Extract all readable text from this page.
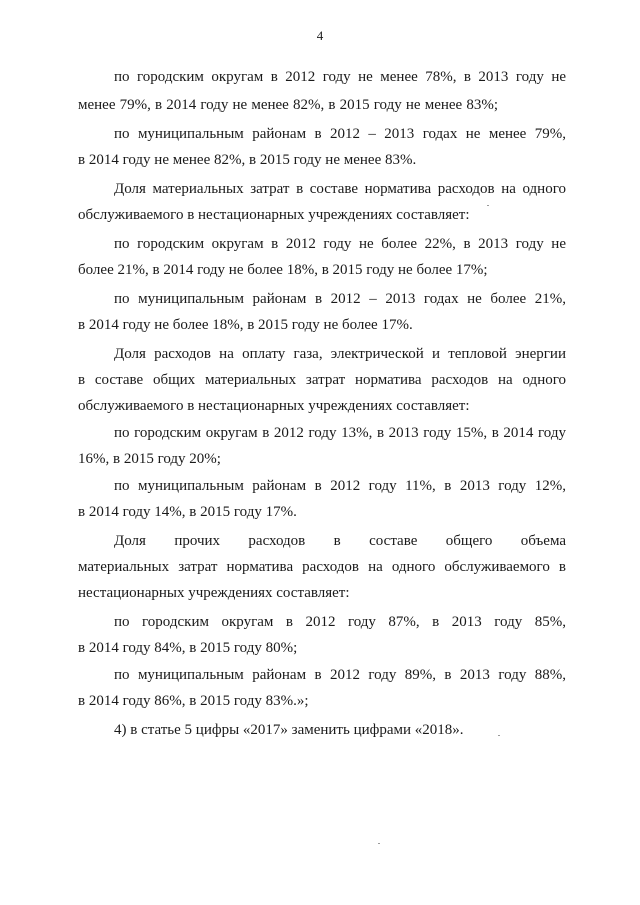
4
по городским округам в 2012 году не менее 78%, в 2013 году не
менее 79%, в 2014 году не менее 82%, в 2015 году не менее 83%;
по муниципальным районам в 2012 – 2013 годах не менее 79%,
в 2014 году не менее 82%, в 2015 году не менее 83%.
Доля материальных затрат в составе норматива расходов на одного
обслуживаемого в нестационарных учреждениях составляет:
по городским округам в 2012 году не более 22%, в 2013 году не
более 21%, в 2014 году не более 18%, в 2015 году не более 17%;
по муниципальным районам в 2012 – 2013 годах не более 21%,
в 2014 году не более 18%, в 2015 году не более 17%.
Доля расходов на оплату газа, электрической и тепловой энергии
в составе общих материальных затрат норматива расходов на одного
обслуживаемого в нестационарных учреждениях составляет:
по городским округам в 2012 году 13%, в 2013 году 15%, в 2014 году
16%, в 2015 году 20%;
по муниципальным районам в 2012 году 11%, в 2013 году 12%,
в 2014 году 14%, в 2015 году 17%.
Доля прочих расходов в составе общего объема
материальных затрат норматива расходов на одного обслуживаемого в
нестационарных учреждениях составляет:
по городским округам в 2012 году 87%, в 2013 году 85%,
в 2014 году 84%, в 2015 году 80%;
по муниципальным районам в 2012 году 89%, в 2013 году 88%,
в 2014 году 86%, в 2015 году 83%.»;
4) в статье 5 цифры «2017» заменить цифрами «2018».
